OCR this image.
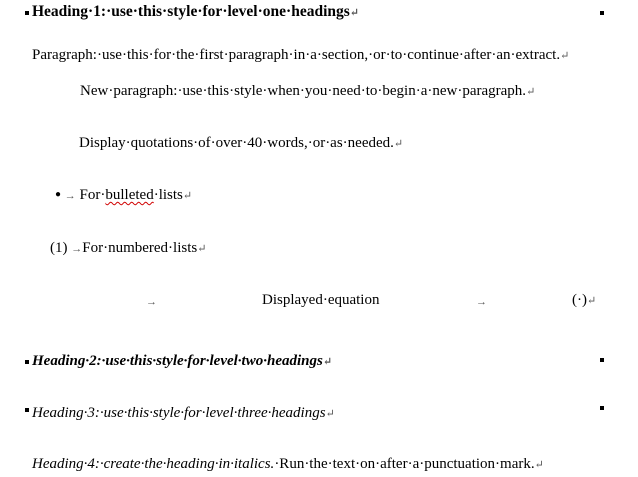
Heading·1:·use·this·style·for·level·one·headings↵
Paragraph:·use·this·for·the·first·paragraph·in·a·section,·or·to·continue·after·an·extract.↵
New·paragraph:·use·this·style·when·you·need·to·begin·a·new·paragraph.↵
Display·quotations·of·over·40·words,·or·as·needed.↵
● → For·bulleted·lists↵
(1) →For·numbered·lists↵
→	Displayed·equation	→	(·)↵
Heading·2:·use·this·style·for·level·two·headings↵
Heading·3:·use·this·style·for·level·three·headings↵
Heading·4:·create·the·heading·in·italics.·Run·the·text·on·after·a·punctuation·mark.↵
